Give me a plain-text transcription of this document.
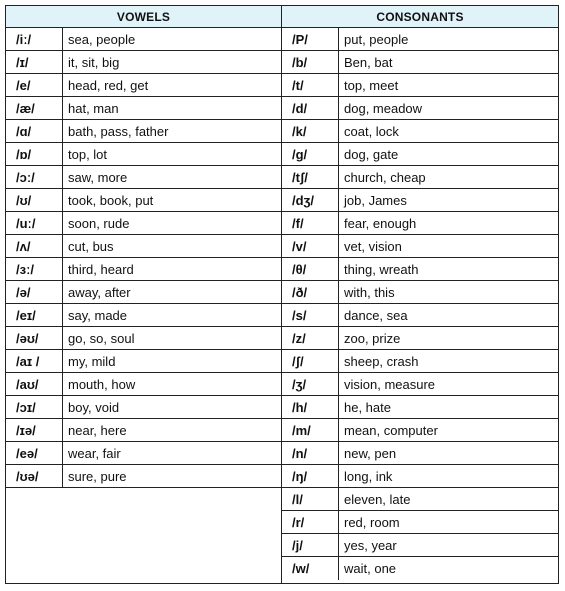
VOWELS
/iː/	sea, people
/ɪ/	it, sit, big
/e/	head, red, get
/æ/	hat, man
/ɑ/	bath, pass, father
/ɒ/	top, lot
/ɔː/	saw, more
/ʊ/	took, book, put
/uː/	soon, rude
/ʌ/	cut, bus
/ɜː/	third, heard
/ə/	away, after
/eɪ/	say, made
/əʊ/	go, so, soul
/aɪ /	my, mild
/aʊ/	mouth, how
/ɔɪ/	boy, void
/ɪə/	near, here
/eə/	wear, fair
/ʊə/	sure, pure
CONSONANTS
/P/	put, people
/b/	Ben, bat
/t/	top, meet
/d/	dog, meadow
/k/	coat, lock
/g/	dog, gate
/tʃ/	church, cheap
/dʒ/	job, James
/f/	fear, enough
/v/	vet, vision
/θ/	thing, wreath
/ð/	with, this
/s/	dance, sea
/z/	zoo, prize
/ʃ/	sheep, crash
/ʒ/	vision, measure
/h/	he, hate
/m/	mean, computer
/n/	new, pen
/ŋ/	long, ink
/l/	eleven, late
/r/	red, room
/j/	yes, year
/w/	wait, one
